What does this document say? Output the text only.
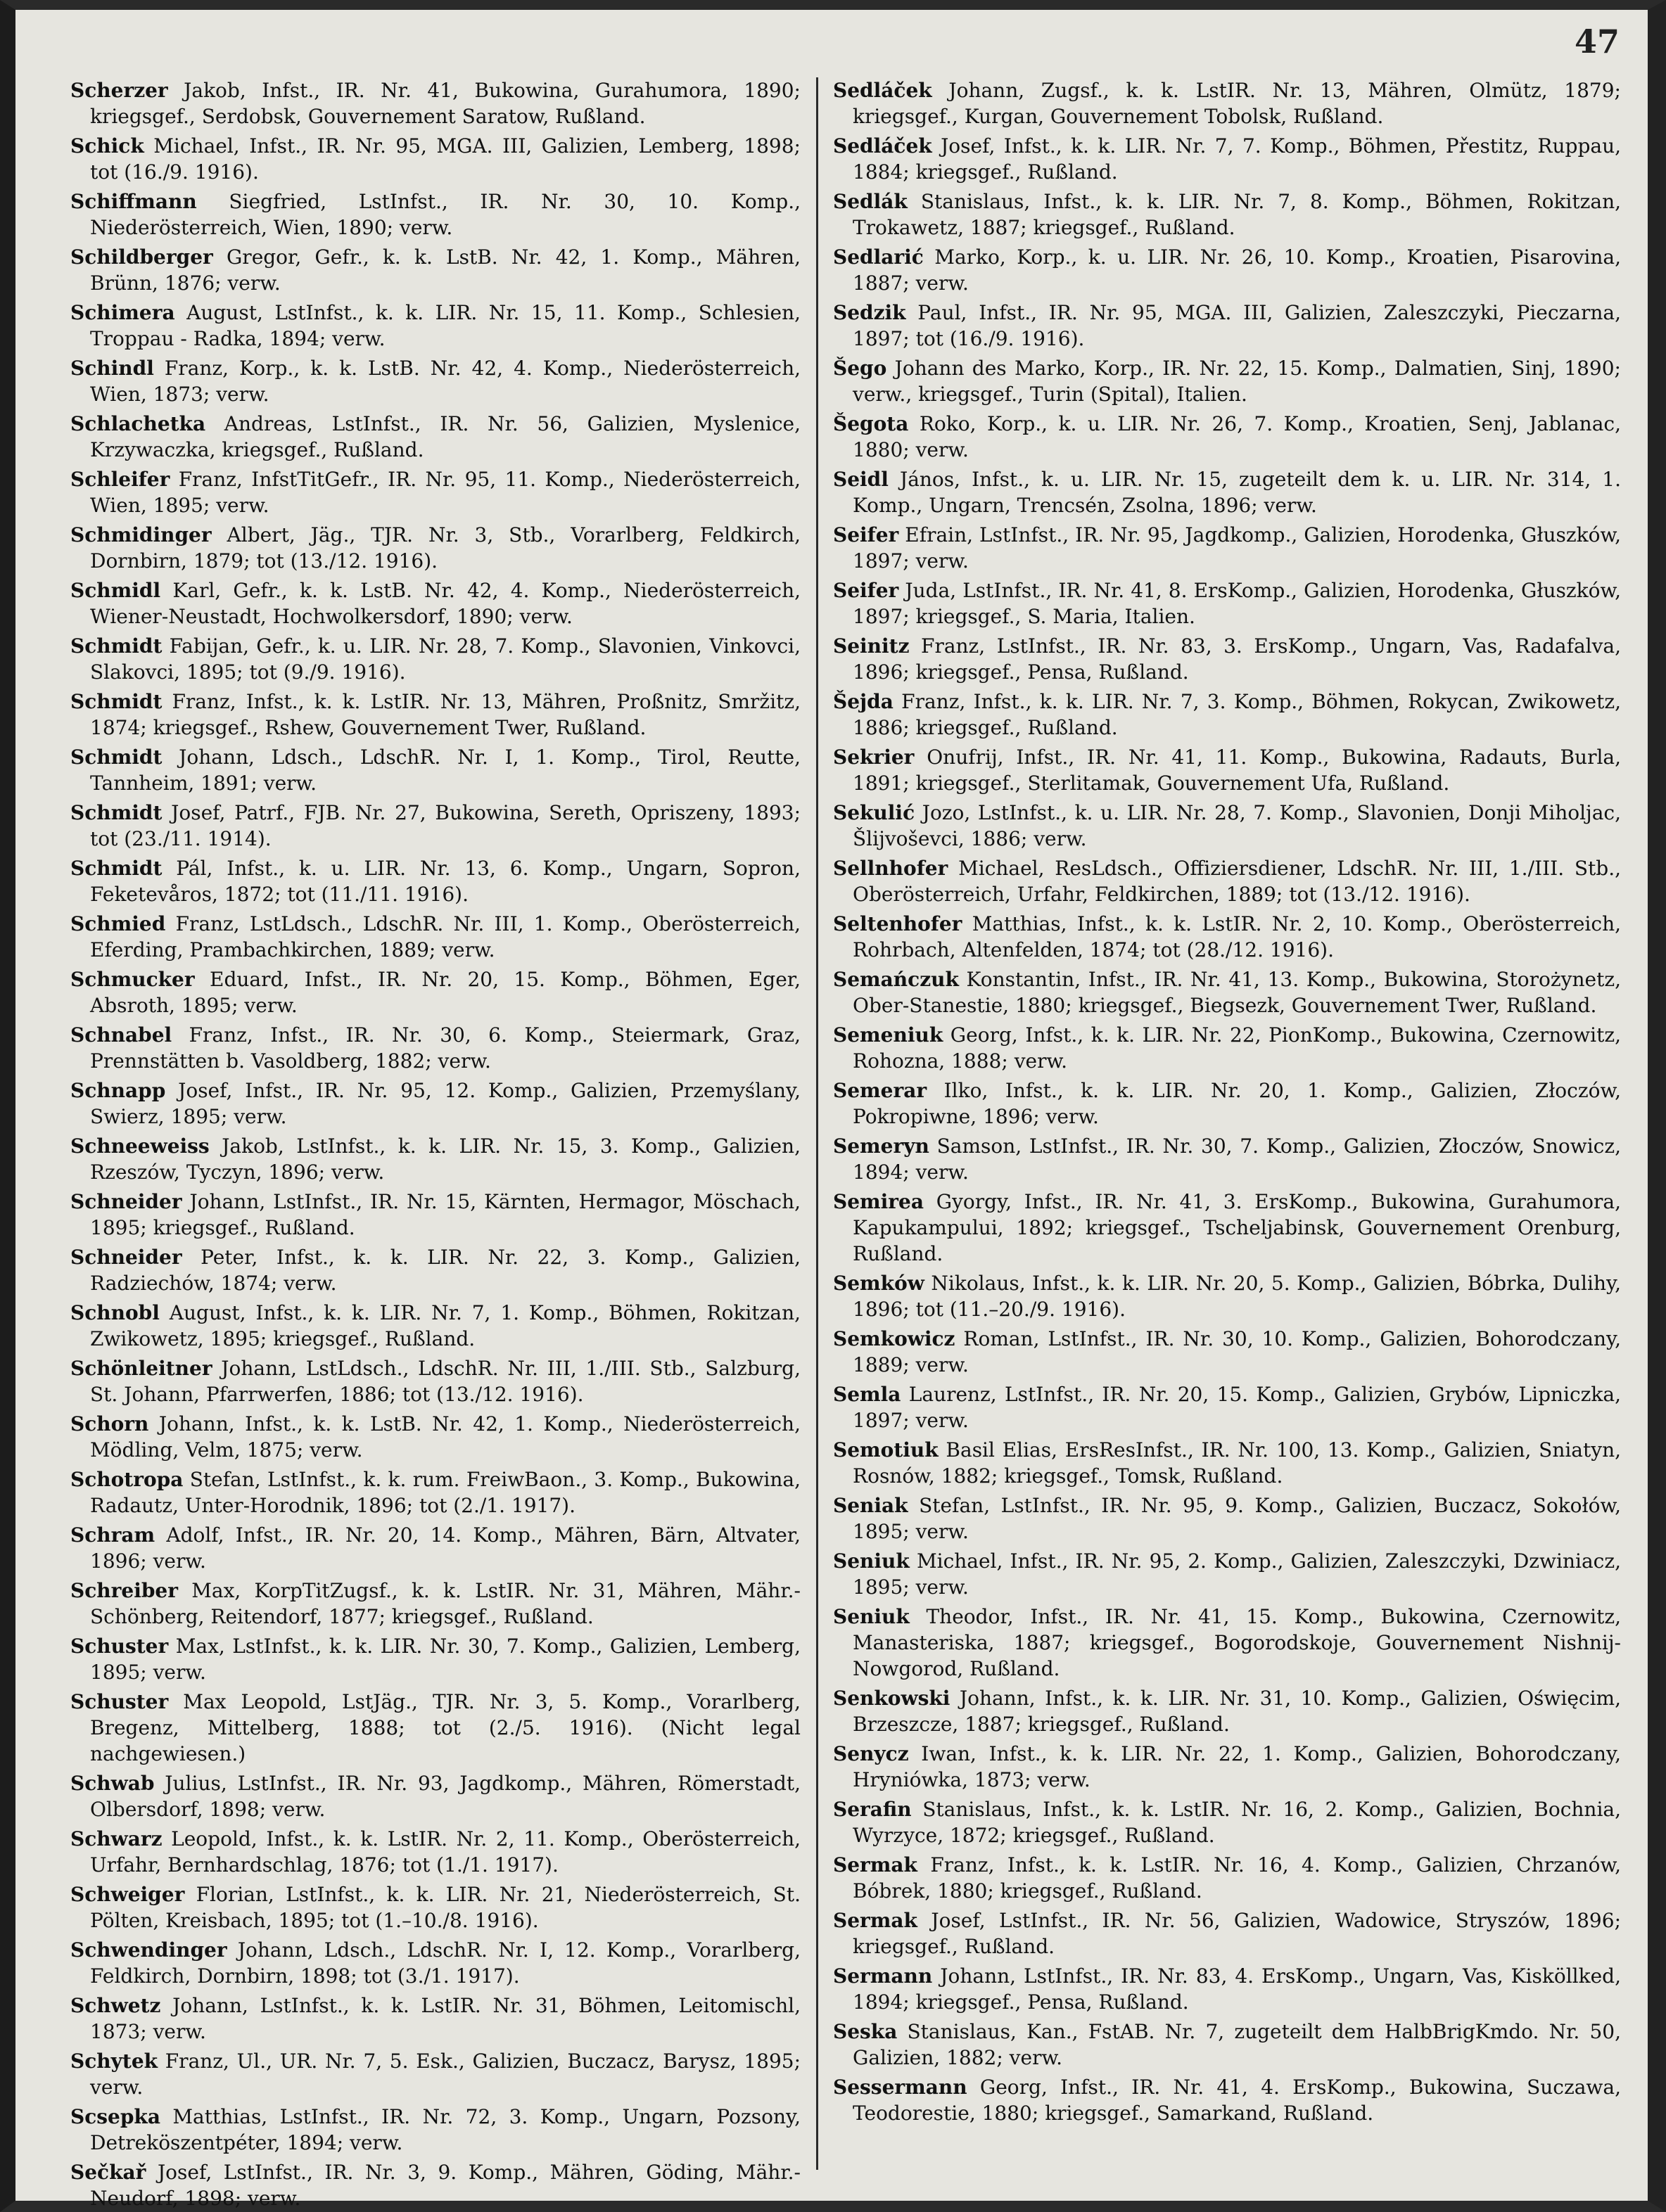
47

Scherzer Jakob, Infst., IR. Nr. 41, Bukowina, Gurahumora, 1890; kriegsgef., Serdobsk, Gouvernement Saratow, Rußland.

Schick Michael, Infst., IR. Nr. 95, MGA. III, Galizien, Lemberg, 1898; tot (16./9. 1916).

Schiffmann Siegfried, LstInfst., IR. Nr. 30, 10. Komp., Niederösterreich, Wien, 1890; verw.

Schildberger Gregor, Gefr., k. k. LstB. Nr. 42, 1. Komp., Mähren, Brünn, 1876; verw.

Schimera August, LstInfst., k. k. LIR. Nr. 15, 11. Komp., Schlesien, Troppau - Radka, 1894; verw.

Schindl Franz, Korp., k. k. LstB. Nr. 42, 4. Komp., Niederösterreich, Wien, 1873; verw.

Schlachetka Andreas, LstInfst., IR. Nr. 56, Galizien, Myslenice, Krzywaczka, kriegsgef., Rußland.

Schleifer Franz, InfstTitGefr., IR. Nr. 95, 11. Komp., Niederösterreich, Wien, 1895; verw.

Schmidinger Albert, Jäg., TJR. Nr. 3, Stb., Vorarlberg, Feldkirch, Dornbirn, 1879; tot (13./12. 1916).

Schmidl Karl, Gefr., k. k. LstB. Nr. 42, 4. Komp., Niederösterreich, Wiener-Neustadt, Hochwolkersdorf, 1890; verw.

Schmidt Fabijan, Gefr., k. u. LIR. Nr. 28, 7. Komp., Slavonien, Vinkovci, Slakovci, 1895; tot (9./9. 1916).

Schmidt Franz, Infst., k. k. LstIR. Nr. 13, Mähren, Proßnitz, Smržitz, 1874; kriegsgef., Rshew, Gouvernement Twer, Rußland.

Schmidt Johann, Ldsch., LdschR. Nr. I, 1. Komp., Tirol, Reutte, Tannheim, 1891; verw.

Schmidt Josef, Patrf., FJB. Nr. 27, Bukowina, Sereth, Opriszeny, 1893; tot (23./11. 1914).

Schmidt Pál, Infst., k. u. LIR. Nr. 13, 6. Komp., Ungarn, Sopron, Feketevåros, 1872; tot (11./11. 1916).

Schmied Franz, LstLdsch., LdschR. Nr. III, 1. Komp., Oberösterreich, Eferding, Prambachkirchen, 1889; verw.

Schmucker Eduard, Infst., IR. Nr. 20, 15. Komp., Böhmen, Eger, Absroth, 1895; verw.

Schnabel Franz, Infst., IR. Nr. 30, 6. Komp., Steiermark, Graz, Prennstätten b. Vasoldberg, 1882; verw.

Schnapp Josef, Infst., IR. Nr. 95, 12. Komp., Galizien, Przemyślany, Swierz, 1895; verw.

Schneeweiss Jakob, LstInfst., k. k. LIR. Nr. 15, 3. Komp., Galizien, Rzeszów, Tyczyn, 1896; verw.

Schneider Johann, LstInfst., IR. Nr. 15, Kärnten, Hermagor, Möschach, 1895; kriegsgef., Rußland.

Schneider Peter, Infst., k. k. LIR. Nr. 22, 3. Komp., Galizien, Radziechów, 1874; verw.

Schnobl August, Infst., k. k. LIR. Nr. 7, 1. Komp., Böhmen, Rokitzan, Zwikowetz, 1895; kriegsgef., Rußland.

Schönleitner Johann, LstLdsch., LdschR. Nr. III, 1./III. Stb., Salzburg, St. Johann, Pfarrwerfen, 1886; tot (13./12. 1916).

Schorn Johann, Infst., k. k. LstB. Nr. 42, 1. Komp., Niederösterreich, Mödling, Velm, 1875; verw.

Schotropa Stefan, LstInfst., k. k. rum. FreiwBaon., 3. Komp., Bukowina, Radautz, Unter-Horodnik, 1896; tot (2./1. 1917).

Schram Adolf, Infst., IR. Nr. 20, 14. Komp., Mähren, Bärn, Altvater, 1896; verw.

Schreiber Max, KorpTitZugsf., k. k. LstIR. Nr. 31, Mähren, Mähr.-Schönberg, Reitendorf, 1877; kriegsgef., Rußland.

Schuster Max, LstInfst., k. k. LIR. Nr. 30, 7. Komp., Galizien, Lemberg, 1895; verw.

Schuster Max Leopold, LstJäg., TJR. Nr. 3, 5. Komp., Vorarlberg, Bregenz, Mittelberg, 1888; tot (2./5. 1916). (Nicht legal nachgewiesen.)

Schwab Julius, LstInfst., IR. Nr. 93, Jagdkomp., Mähren, Römerstadt, Olbersdorf, 1898; verw.

Schwarz Leopold, Infst., k. k. LstIR. Nr. 2, 11. Komp., Oberösterreich, Urfahr, Bernhardschlag, 1876; tot (1./1. 1917).

Schweiger Florian, LstInfst., k. k. LIR. Nr. 21, Niederösterreich, St. Pölten, Kreisbach, 1895; tot (1.–10./8. 1916).

Schwendinger Johann, Ldsch., LdschR. Nr. I, 12. Komp., Vorarlberg, Feldkirch, Dornbirn, 1898; tot (3./1. 1917).

Schwetz Johann, LstInfst., k. k. LstIR. Nr. 31, Böhmen, Leitomischl, 1873; verw.

Schytek Franz, Ul., UR. Nr. 7, 5. Esk., Galizien, Buczacz, Barysz, 1895; verw.

Scsepka Matthias, LstInfst., IR. Nr. 72, 3. Komp., Ungarn, Pozsony, Detreköszentpéter, 1894; verw.

Sečkař Josef, LstInfst., IR. Nr. 3, 9. Komp., Mähren, Göding, Mähr.-Neudorf, 1898; verw.

Sedláček Johann, Zugsf., k. k. LstIR. Nr. 13, Mähren, Olmütz, 1879; kriegsgef., Kurgan, Gouvernement Tobolsk, Rußland.

Sedláček Josef, Infst., k. k. LIR. Nr. 7, 7. Komp., Böhmen, Přestitz, Ruppau, 1884; kriegsgef., Rußland.

Sedlák Stanislaus, Infst., k. k. LIR. Nr. 7, 8. Komp., Böhmen, Rokitzan, Trokawetz, 1887; kriegsgef., Rußland.

Sedlarić Marko, Korp., k. u. LIR. Nr. 26, 10. Komp., Kroatien, Pisarovina, 1887; verw.

Sedzik Paul, Infst., IR. Nr. 95, MGA. III, Galizien, Zaleszczyki, Pieczarna, 1897; tot (16./9. 1916).

Šego Johann des Marko, Korp., IR. Nr. 22, 15. Komp., Dalmatien, Sinj, 1890; verw., kriegsgef., Turin (Spital), Italien.

Šegota Roko, Korp., k. u. LIR. Nr. 26, 7. Komp., Kroatien, Senj, Jablanac, 1880; verw.

Seidl János, Infst., k. u. LIR. Nr. 15, zugeteilt dem k. u. LIR. Nr. 314, 1. Komp., Ungarn, Trencsén, Zsolna, 1896; verw.

Seifer Efrain, LstInfst., IR. Nr. 95, Jagdkomp., Galizien, Horodenka, Głuszków, 1897; verw.

Seifer Juda, LstInfst., IR. Nr. 41, 8. ErsKomp., Galizien, Horodenka, Głuszków, 1897; kriegsgef., S. Maria, Italien.

Seinitz Franz, LstInfst., IR. Nr. 83, 3. ErsKomp., Ungarn, Vas, Radafalva, 1896; kriegsgef., Pensa, Rußland.

Šejda Franz, Infst., k. k. LIR. Nr. 7, 3. Komp., Böhmen, Rokycan, Zwikowetz, 1886; kriegsgef., Rußland.

Sekrier Onufrij, Infst., IR. Nr. 41, 11. Komp., Bukowina, Radauts, Burla, 1891; kriegsgef., Sterlitamak, Gouvernement Ufa, Rußland.

Sekulić Jozo, LstInfst., k. u. LIR. Nr. 28, 7. Komp., Slavonien, Donji Miholjac, Šlijvoševci, 1886; verw.

Sellnhofer Michael, ResLdsch., Offiziersdiener, LdschR. Nr. III, 1./III. Stb., Oberösterreich, Urfahr, Feldkirchen, 1889; tot (13./12. 1916).

Seltenhofer Matthias, Infst., k. k. LstIR. Nr. 2, 10. Komp., Oberösterreich, Rohrbach, Altenfelden, 1874; tot (28./12. 1916).

Semańczuk Konstantin, Infst., IR. Nr. 41, 13. Komp., Bukowina, Storożynetz, Ober-Stanestie, 1880; kriegsgef., Biegsezk, Gouvernement Twer, Rußland.

Semeniuk Georg, Infst., k. k. LIR. Nr. 22, PionKomp., Bukowina, Czernowitz, Rohozna, 1888; verw.

Semerar Ilko, Infst., k. k. LIR. Nr. 20, 1. Komp., Galizien, Złoczów, Pokropiwne, 1896; verw.

Semeryn Samson, LstInfst., IR. Nr. 30, 7. Komp., Galizien, Złoczów, Snowicz, 1894; verw.

Semirea Gyorgy, Infst., IR. Nr. 41, 3. ErsKomp., Bukowina, Gurahumora, Kapukampului, 1892; kriegsgef., Tscheljabinsk, Gouvernement Orenburg, Rußland.

Semków Nikolaus, Infst., k. k. LIR. Nr. 20, 5. Komp., Galizien, Bóbrka, Dulihy, 1896; tot (11.–20./9. 1916).

Semkowicz Roman, LstInfst., IR. Nr. 30, 10. Komp., Galizien, Bohorodczany, 1889; verw.

Semla Laurenz, LstInfst., IR. Nr. 20, 15. Komp., Galizien, Grybów, Lipniczka, 1897; verw.

Semotiuk Basil Elias, ErsResInfst., IR. Nr. 100, 13. Komp., Galizien, Sniatyn, Rosnów, 1882; kriegsgef., Tomsk, Rußland.

Seniak Stefan, LstInfst., IR. Nr. 95, 9. Komp., Galizien, Buczacz, Sokołów, 1895; verw.

Seniuk Michael, Infst., IR. Nr. 95, 2. Komp., Galizien, Zaleszczyki, Dzwiniacz, 1895; verw.

Seniuk Theodor, Infst., IR. Nr. 41, 15. Komp., Bukowina, Czernowitz, Manasteriska, 1887; kriegsgef., Bogorodskoje, Gouvernement Nishnij-Nowgorod, Rußland.

Senkowski Johann, Infst., k. k. LIR. Nr. 31, 10. Komp., Galizien, Oświęcim, Brzeszcze, 1887; kriegsgef., Rußland.

Senycz Iwan, Infst., k. k. LIR. Nr. 22, 1. Komp., Galizien, Bohorodczany, Hryniówka, 1873; verw.

Serafin Stanislaus, Infst., k. k. LstIR. Nr. 16, 2. Komp., Galizien, Bochnia, Wyrzyce, 1872; kriegsgef., Rußland.

Sermak Franz, Infst., k. k. LstIR. Nr. 16, 4. Komp., Galizien, Chrzanów, Bóbrek, 1880; kriegsgef., Rußland.

Sermak Josef, LstInfst., IR. Nr. 56, Galizien, Wadowice, Stryszów, 1896; kriegsgef., Rußland.

Sermann Johann, LstInfst., IR. Nr. 83, 4. ErsKomp., Ungarn, Vas, Kisköllked, 1894; kriegsgef., Pensa, Rußland.

Seska Stanislaus, Kan., FstAB. Nr. 7, zugeteilt dem HalbBrigKmdo. Nr. 50, Galizien, 1882; verw.

Sessermann Georg, Infst., IR. Nr. 41, 4. ErsKomp., Bukowina, Suczawa, Teodorestie, 1880; kriegsgef., Samarkand, Rußland.
